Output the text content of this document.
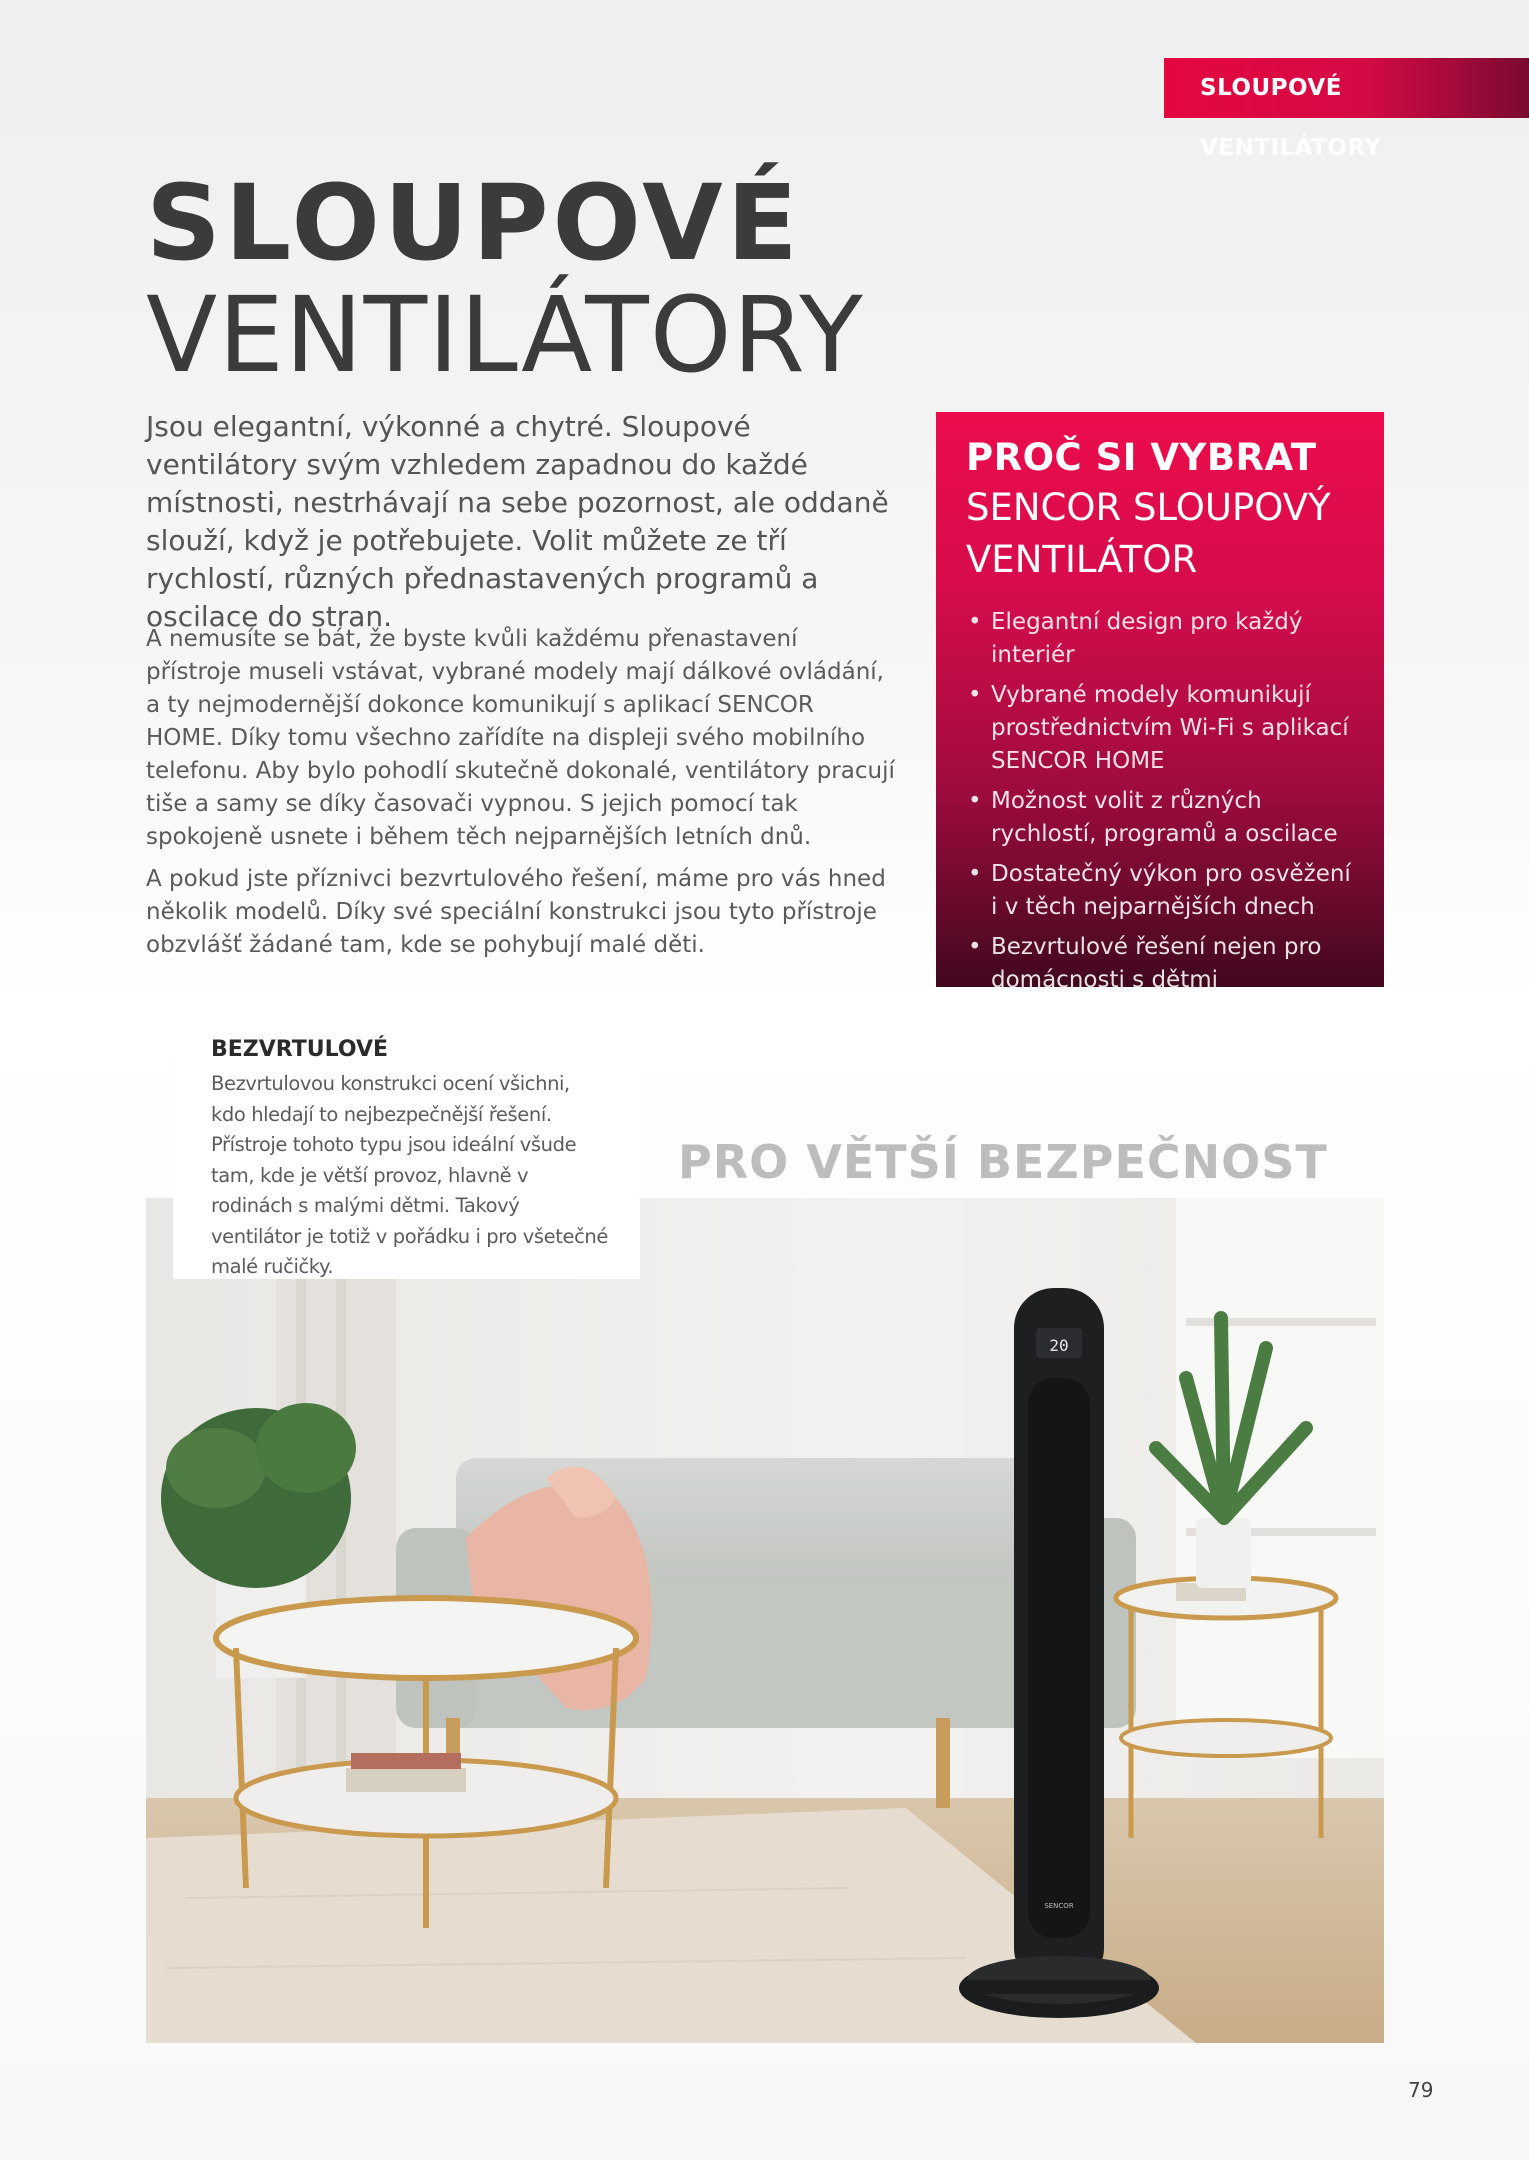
SLOUPOVÉ VENTILÁTORY
SLOUPOVÉ
VENTILÁTORY

Jsou elegantní, výkonné a chytré. Sloupové ventilátory svým vzhledem zapadnou do každé místnosti, nestrhávají na sebe pozornost, ale oddaně slouží, když je potřebujete. Volit můžete ze tří rychlostí, různých přednastavených programů a oscilace do stran.

A nemusíte se bát, že byste kvůli každému přenastavení přístroje museli vstávat, vybrané modely mají dálkové ovládání, a ty nejmodernější dokonce komunikují s aplikací SENCOR HOME. Díky tomu všechno zařídíte na displeji svého mobilního telefonu. Aby bylo pohodlí skutečně dokonalé, ventilátory pracují tiše a samy se díky časovači vypnou. S jejich pomocí tak spokojeně usnete i během těch nejparnějších letních dnů.

A pokud jste příznivci bezvrtulového řešení, máme pro vás hned několik modelů. Díky své speciální konstrukci jsou tyto přístroje obzvlášť žádané tam, kde se pohybují malé děti.

PROČ SI VYBRAT

SENCOR SLOUPOVÝ

VENTILÁTOR

• Elegantní design pro každý interiér
• Vybrané modely komunikují prostřednictvím Wi-Fi s aplikací SENCOR HOME
• Možnost volit z různých rychlostí, programů a oscilace
• Dostatečný výkon pro osvěžení i v těch nejparnějších dnech
• Bezvrtulové řešení nejen pro domácnosti s dětmi
20
SENCOR

PRO VĚTŠÍ BEZPEČNOST

BEZVRTULOVÉ

Bezvrtulovou konstrukci ocení všichni, kdo hledají to nejbezpečnější řešení. Přístroje tohoto typu jsou ideální všude tam, kde je větší provoz, hlavně v rodinách s malými dětmi. Takový ventilátor je totiž v pořádku i pro všetečné malé ručičky.

79
